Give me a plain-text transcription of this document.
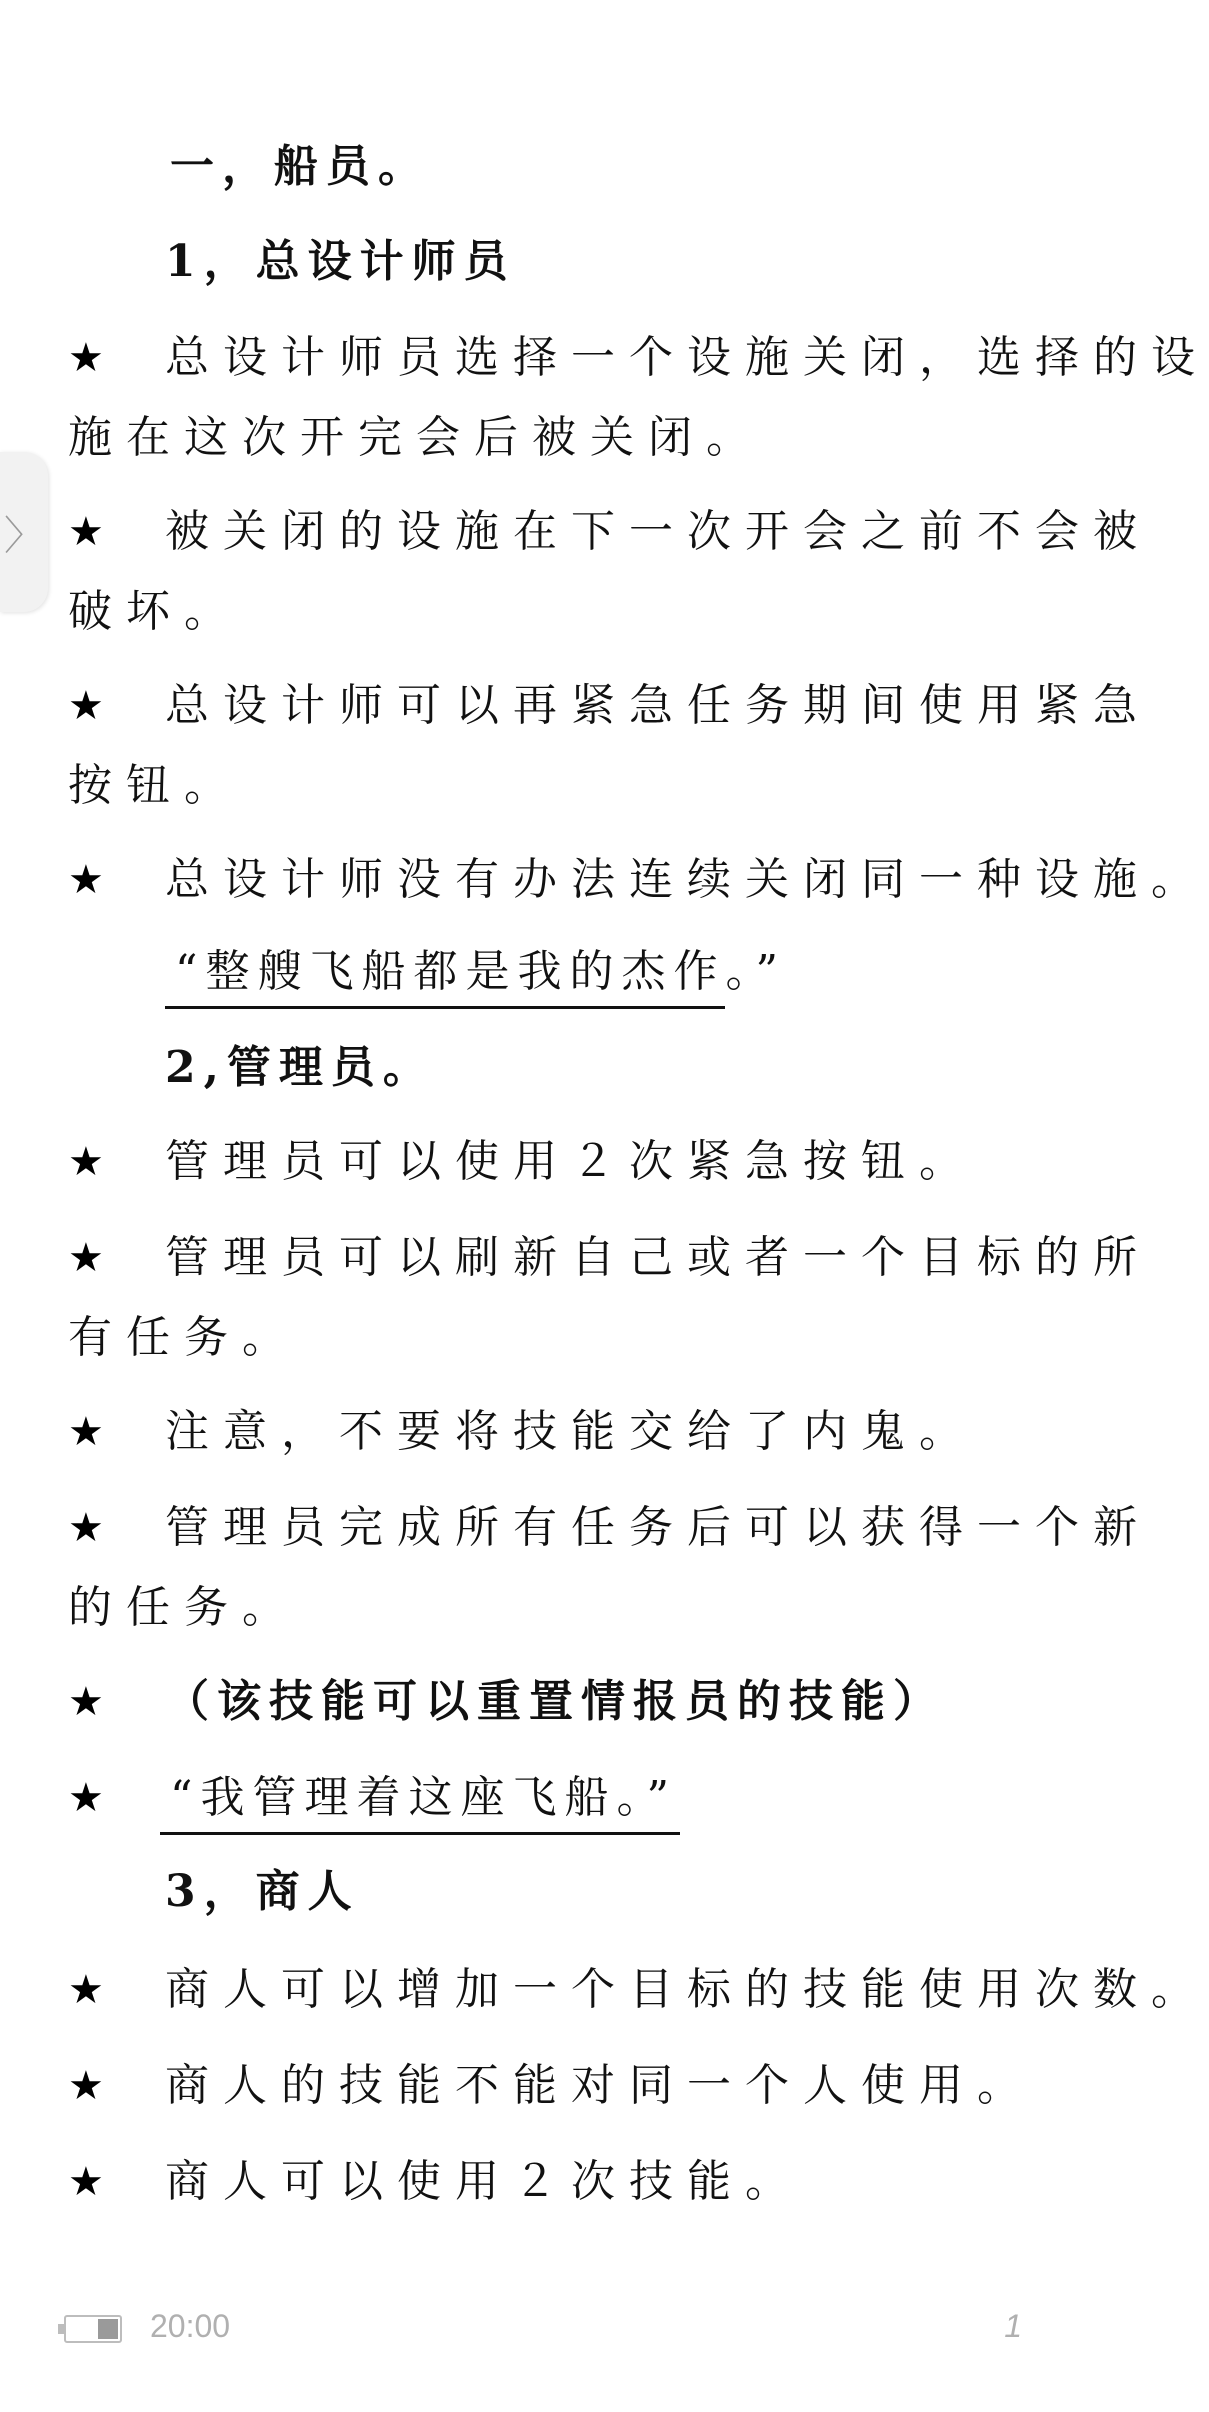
一，船员。
1，总设计师员
★ 总设计师员选择一个设施关闭，选择的设
施在这次开完会后被关闭。
★ 被关闭的设施在下一次开会之前不会被
破坏。
★ 总设计师可以再紧急任务期间使用紧急
按钮。
★ 总设计师没有办法连续关闭同一种设施。
“整艘飞船都是我的杰作。”
2,管理员。
★ 管理员可以使用２次紧急按钮。
★ 管理员可以刷新自己或者一个目标的所
有任务。
★ 注意，不要将技能交给了内鬼。
★ 管理员完成所有任务后可以获得一个新
的任务。
★ （该技能可以重置情报员的技能）
★ “我管理着这座飞船。”
3，商人
★ 商人可以增加一个目标的技能使用次数。
★ 商人的技能不能对同一个人使用。
★ 商人可以使用２次技能。
〉
20:00	1
